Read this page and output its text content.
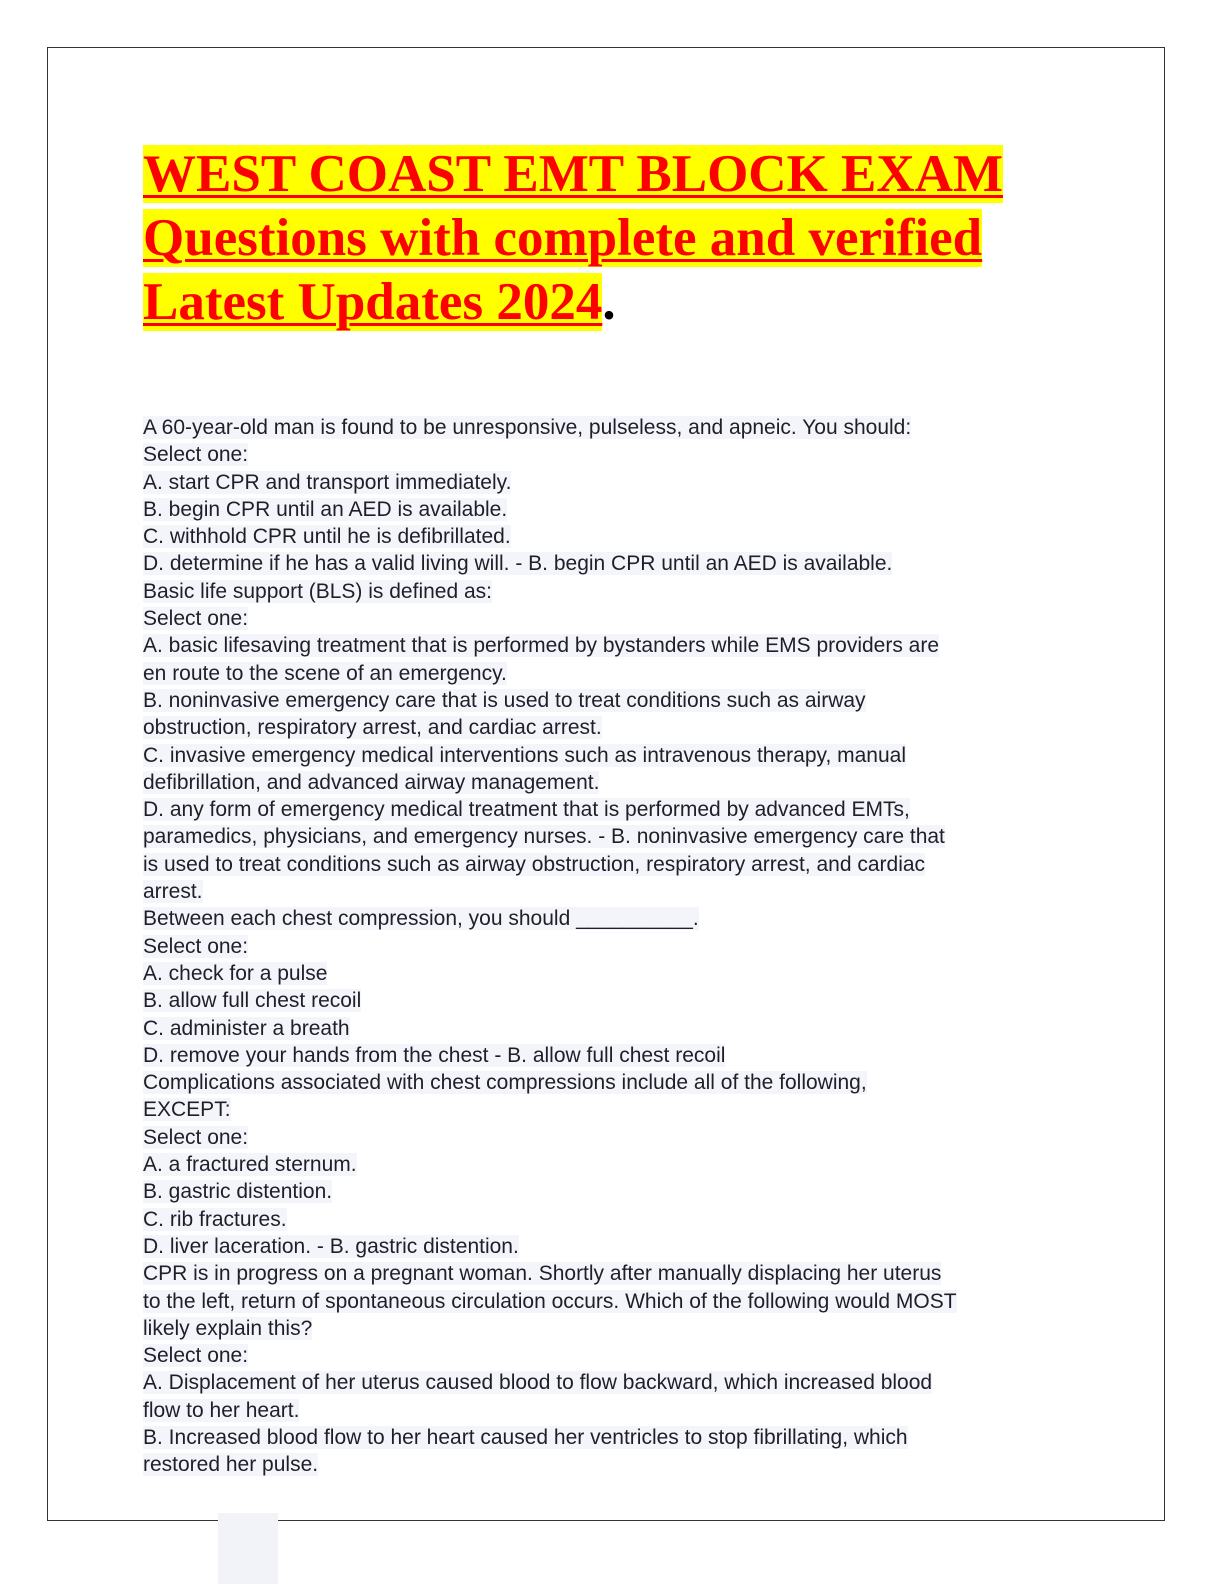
WEST COAST EMT BLOCK EXAM
Questions with complete and verified
Latest Updates 2024.
A 60-year-old man is found to be unresponsive, pulseless, and apneic. You should:
Select one:
A. start CPR and transport immediately.
B. begin CPR until an AED is available.
C. withhold CPR until he is defibrillated.
D. determine if he has a valid living will. - B. begin CPR until an AED is available.
Basic life support (BLS) is defined as:
Select one:
A. basic lifesaving treatment that is performed by bystanders while EMS providers are
en route to the scene of an emergency.
B. noninvasive emergency care that is used to treat conditions such as airway
obstruction, respiratory arrest, and cardiac arrest.
C. invasive emergency medical interventions such as intravenous therapy, manual
defibrillation, and advanced airway management.
D. any form of emergency medical treatment that is performed by advanced EMTs,
paramedics, physicians, and emergency nurses. - B. noninvasive emergency care that
is used to treat conditions such as airway obstruction, respiratory arrest, and cardiac
arrest.
Between each chest compression, you should __________.
Select one:
A. check for a pulse
B. allow full chest recoil
C. administer a breath
D. remove your hands from the chest - B. allow full chest recoil
Complications associated with chest compressions include all of the following,
EXCEPT:
Select one:
A. a fractured sternum.
B. gastric distention.
C. rib fractures.
D. liver laceration. - B. gastric distention.
CPR is in progress on a pregnant woman. Shortly after manually displacing her uterus
to the left, return of spontaneous circulation occurs. Which of the following would MOST
likely explain this?
Select one:
A. Displacement of her uterus caused blood to flow backward, which increased blood
flow to her heart.
B. Increased blood flow to her heart caused her ventricles to stop fibrillating, which
restored her pulse.
